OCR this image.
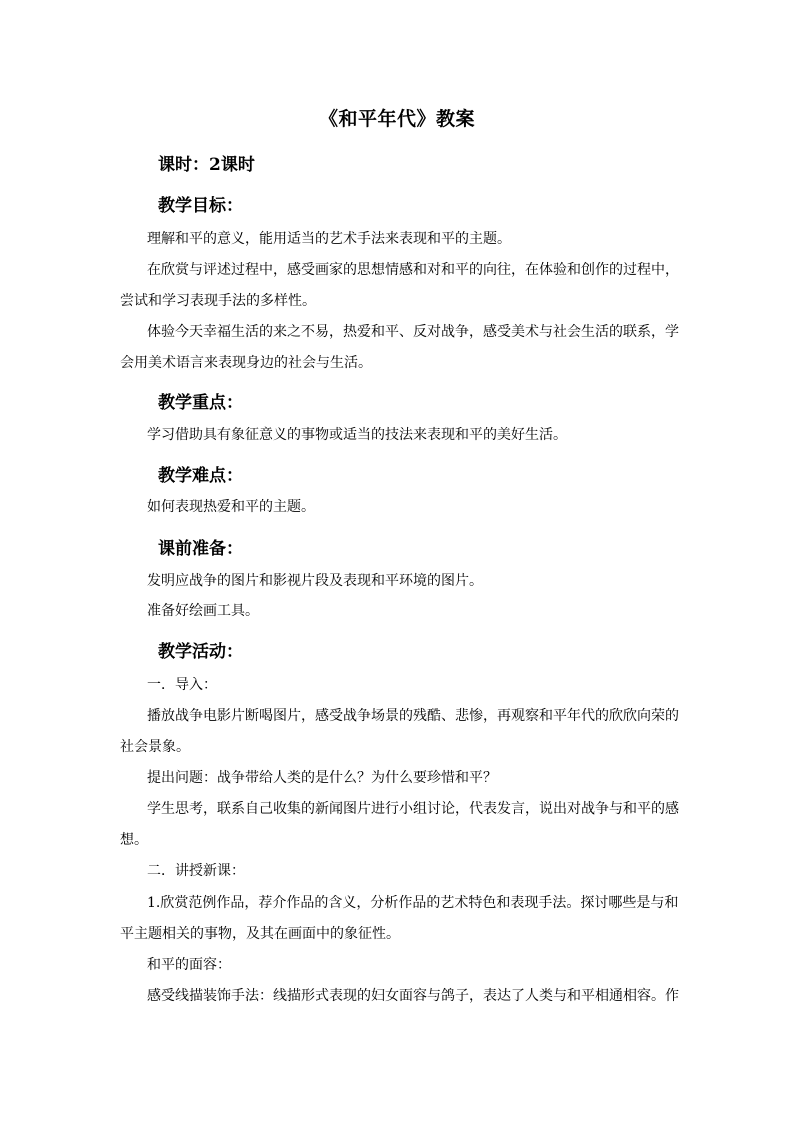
《和平年代》教案
课时：2课时
教学目标：
理解和平的意义，能用适当的艺术手法来表现和平的主题。
在欣赏与评述过程中，感受画家的思想情感和对和平的向往，在体验和创作的过程中，
尝试和学习表现手法的多样性。
体验今天幸福生活的来之不易，热爱和平、反对战争，感受美术与社会生活的联系，学
会用美术语言来表现身边的社会与生活。
教学重点：
学习借助具有象征意义的事物或适当的技法来表现和平的美好生活。
教学难点：
如何表现热爱和平的主题。
课前准备：
发明应战争的图片和影视片段及表现和平环境的图片。
准备好绘画工具。
教学活动：
一．导入：
播放战争电影片断喝图片，感受战争场景的残酷、悲惨，再观察和平年代的欣欣向荣的
社会景象。
提出问题：战争带给人类的是什么？为什么要珍惜和平？
学生思考，联系自己收集的新闻图片进行小组讨论，代表发言，说出对战争与和平的感
想。
二．讲授新课：
1.欣赏范例作品，荐介作品的含义，分析作品的艺术特色和表现手法。探讨哪些是与和
平主题相关的事物，及其在画面中的象征性。
和平的面容：
感受线描装饰手法：线描形式表现的妇女面容与鸽子，表达了人类与和平相通相容。作
